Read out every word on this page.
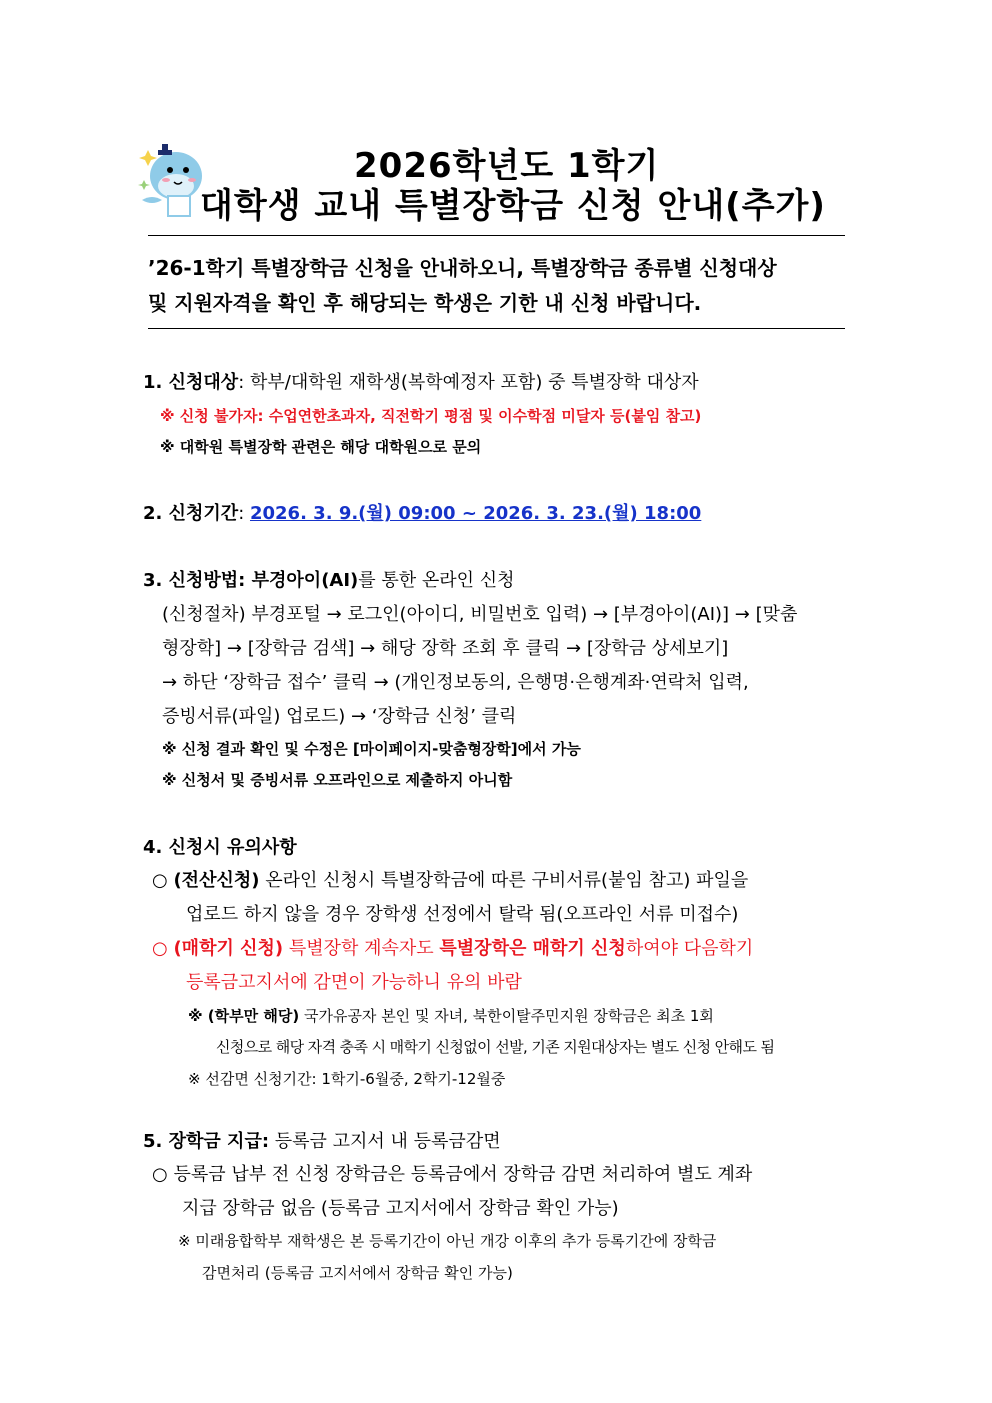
2026학년도 1학기
대학생 교내 특별장학금 신청 안내(추가)
’26-1학기 특별장학금 신청을 안내하오니, 특별장학금 종류별 신청대상
및 지원자격을 확인 후 해당되는 학생은 기한 내 신청 바랍니다.
1. 신청대상: 학부/대학원 재학생(복학예정자 포함) 중 특별장학 대상자
※ 신청 불가자: 수업연한초과자, 직전학기 평점 및 이수학점 미달자 등(붙임 참고)
※ 대학원 특별장학 관련은 해당 대학원으로 문의
2. 신청기간: 2026. 3. 9.(월) 09:00 ~ 2026. 3. 23.(월) 18:00
3. 신청방법: 부경아이(AI)를 통한 온라인 신청
(신청절차) 부경포털 → 로그인(아이디, 비밀번호 입력) → [부경아이(AI)] → [맞춤
형장학] → [장학금 검색] → 해당 장학 조회 후 클릭 → [장학금 상세보기]
→ 하단 ‘장학금 접수’ 클릭 → (개인정보동의, 은행명·은행계좌·연락처 입력,
증빙서류(파일) 업로드) → ‘장학금 신청’ 클릭
※ 신청 결과 확인 및 수정은 [마이페이지-맞춤형장학]에서 가능
※ 신청서 및 증빙서류 오프라인으로 제출하지 아니함
4. 신청시 유의사항
○ (전산신청) 온라인 신청시 특별장학금에 따른 구비서류(붙임 참고) 파일을
업로드 하지 않을 경우 장학생 선정에서 탈락 됨(오프라인 서류 미접수)
○ (매학기 신청) 특별장학 계속자도 특별장학은 매학기 신청하여야 다음학기
등록금고지서에 감면이 가능하니 유의 바람
※ (학부만 해당) 국가유공자 본인 및 자녀, 북한이탈주민지원 장학금은 최초 1회
신청으로 해당 자격 충족 시 매학기 신청없이 선발, 기존 지원대상자는 별도 신청 안해도 됨
※ 선감면 신청기간: 1학기-6월중, 2학기-12월중
5. 장학금 지급: 등록금 고지서 내 등록금감면
○ 등록금 납부 전 신청 장학금은 등록금에서 장학금 감면 처리하여 별도 계좌
지급 장학금 없음 (등록금 고지서에서 장학금 확인 가능)
※ 미래융합학부 재학생은 본 등록기간이 아닌 개강 이후의 추가 등록기간에 장학금
감면처리 (등록금 고지서에서 장학금 확인 가능)
